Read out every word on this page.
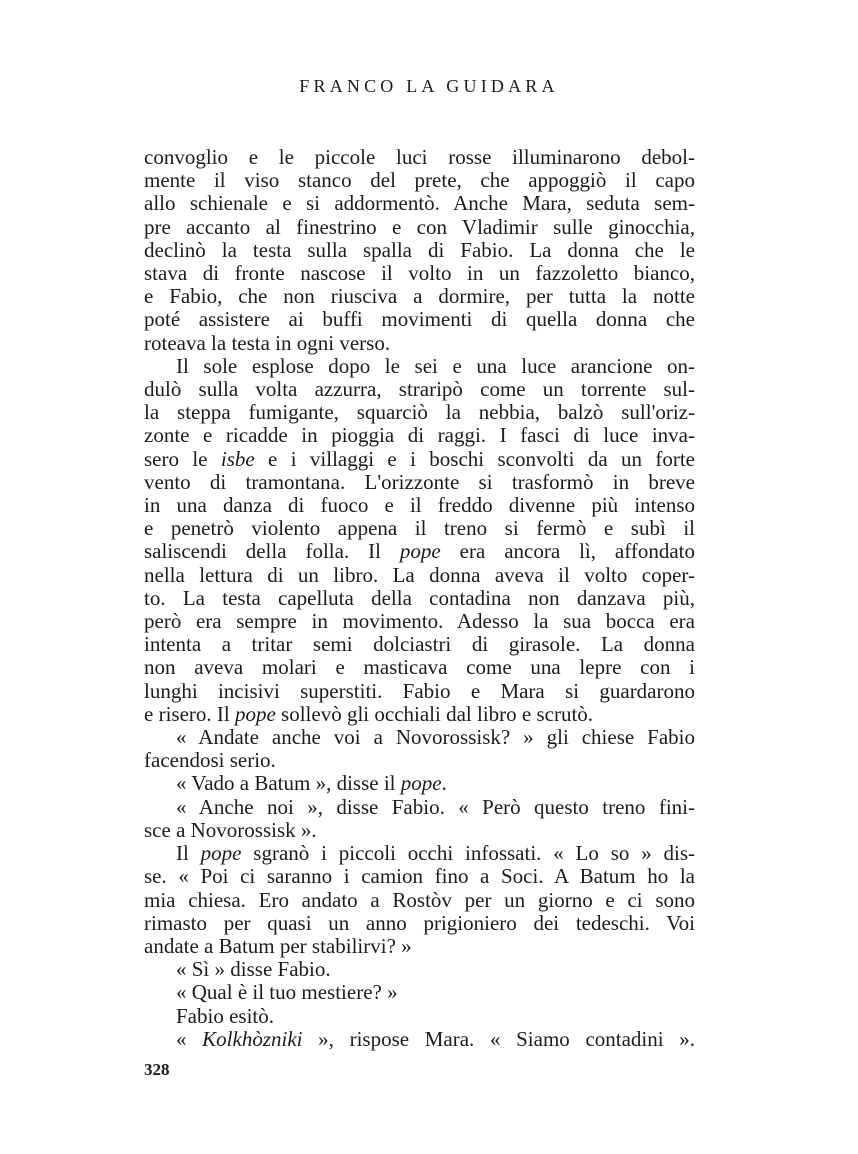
FRANCO LA GUIDARA
convoglio e le piccole luci rosse illuminarono debol-
mente il viso stanco del prete, che appoggiò il capo
allo schienale e si addormentò. Anche Mara, seduta sem-
pre accanto al finestrino e con Vladimir sulle ginocchia,
declinò la testa sulla spalla di Fabio. La donna che le
stava di fronte nascose il volto in un fazzoletto bianco,
e Fabio, che non riusciva a dormire, per tutta la notte
poté assistere ai buffi movimenti di quella donna che
roteava la testa in ogni verso.
Il sole esplose dopo le sei e una luce arancione on-
dulò sulla volta azzurra, straripò come un torrente sul-
la steppa fumigante, squarciò la nebbia, balzò sull'oriz-
zonte e ricadde in pioggia di raggi. I fasci di luce inva-
sero le isbe e i villaggi e i boschi sconvolti da un forte
vento di tramontana. L'orizzonte si trasformò in breve
in una danza di fuoco e il freddo divenne più intenso
e penetrò violento appena il treno si fermò e subì il
saliscendi della folla. Il pope era ancora lì, affondato
nella lettura di un libro. La donna aveva il volto coper-
to. La testa capelluta della contadina non danzava più,
però era sempre in movimento. Adesso la sua bocca era
intenta a tritar semi dolciastri di girasole. La donna
non aveva molari e masticava come una lepre con i
lunghi incisivi superstiti. Fabio e Mara si guardarono
e risero. Il pope sollevò gli occhiali dal libro e scrutò.
« Andate anche voi a Novorossisk? » gli chiese Fabio
facendosi serio.
« Vado a Batum », disse il pope.
« Anche noi », disse Fabio. « Però questo treno fini-
sce a Novorossisk ».
Il pope sgranò i piccoli occhi infossati. « Lo so » dis-
se. « Poi ci saranno i camion fino a Soci. A Batum ho la
mia chiesa. Ero andato a Rostòv per un giorno e ci sono
rimasto per quasi un anno prigioniero dei tedeschi. Voi
andate a Batum per stabilirvi? »
« Sì » disse Fabio.
« Qual è il tuo mestiere? »
Fabio esitò.
« Kolkhòzniki », rispose Mara. « Siamo contadini ».
328
